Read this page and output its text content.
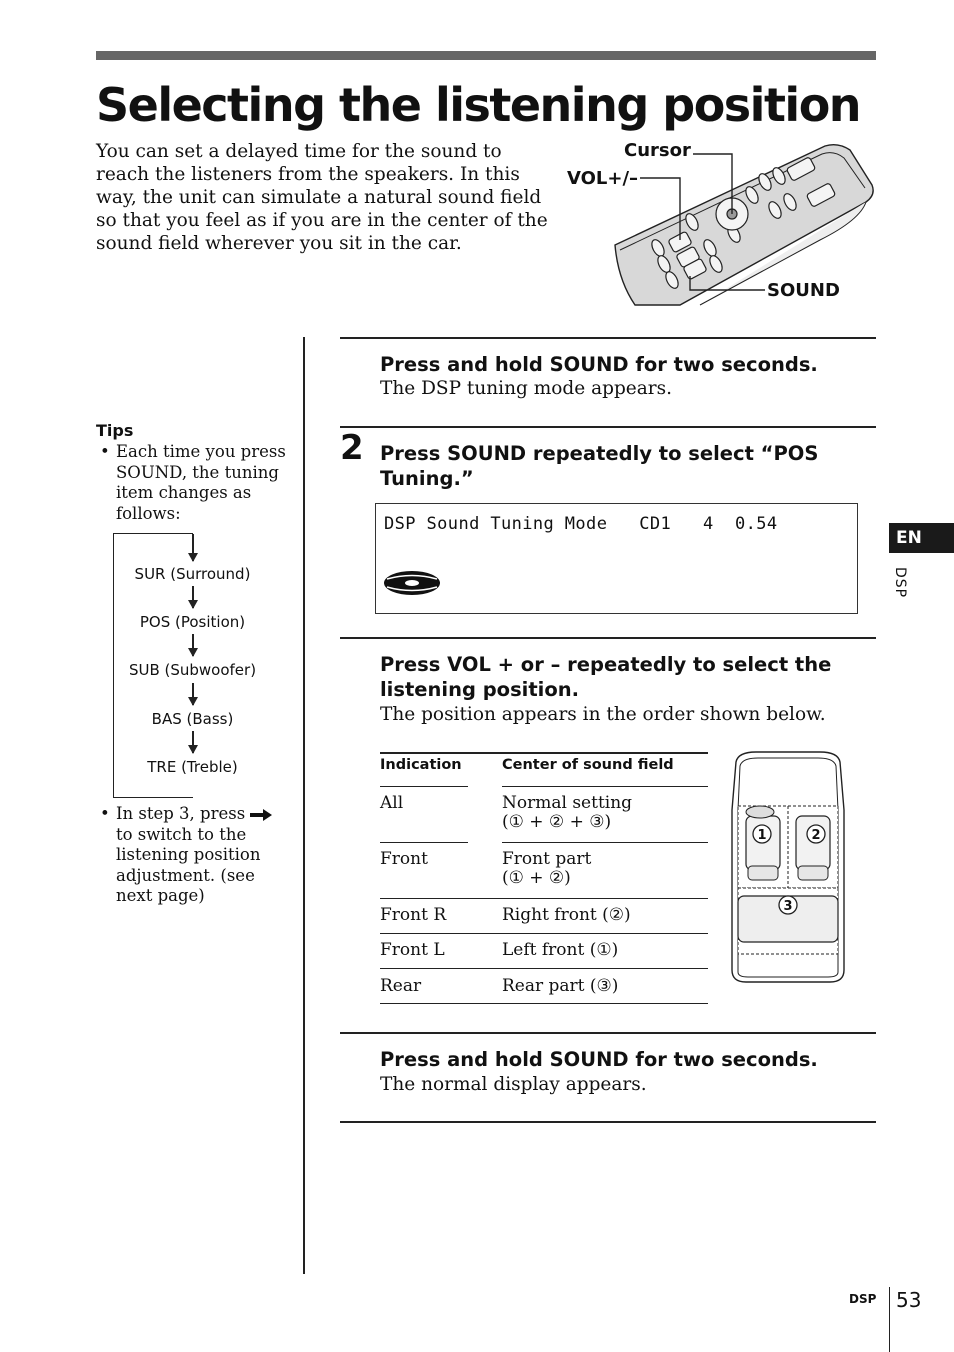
Selecting the listening position
You can set a delayed time for the sound to reach the listeners from the speakers. In this way, the unit can simulate a natural sound field so that you feel as if you are in the center of the sound field wherever you sit in the car.
Cursor
VOL+/–
SOUND
Tips
• Each time you press SOUND, the tuning item changes as follows:
SUR (Surround)
POS (Position)
SUB (Subwoofer)
BAS (Bass)
TRE (Treble)
• In step 3, press  to switch to the listening position adjustment. (see next page)
Press and hold SOUND for two seconds.
The DSP tuning mode appears.
2 Press SOUND repeatedly to select “POS Tuning.”
DSP Sound Tuning Mode   CD1   4  0.54
Press VOL + or – repeatedly to select the listening position.
The position appears in the order shown below.
Indication	Center of sound field
All	Normal setting
(① + ② + ③)
Front	Front part
(① + ②)
Front R	Right front (②)
Front L	Left front (①)
Rear	Rear part (③)
1	2
3
Press and hold SOUND for two seconds.
The normal display appears.
EN
DSP
DSP 53
